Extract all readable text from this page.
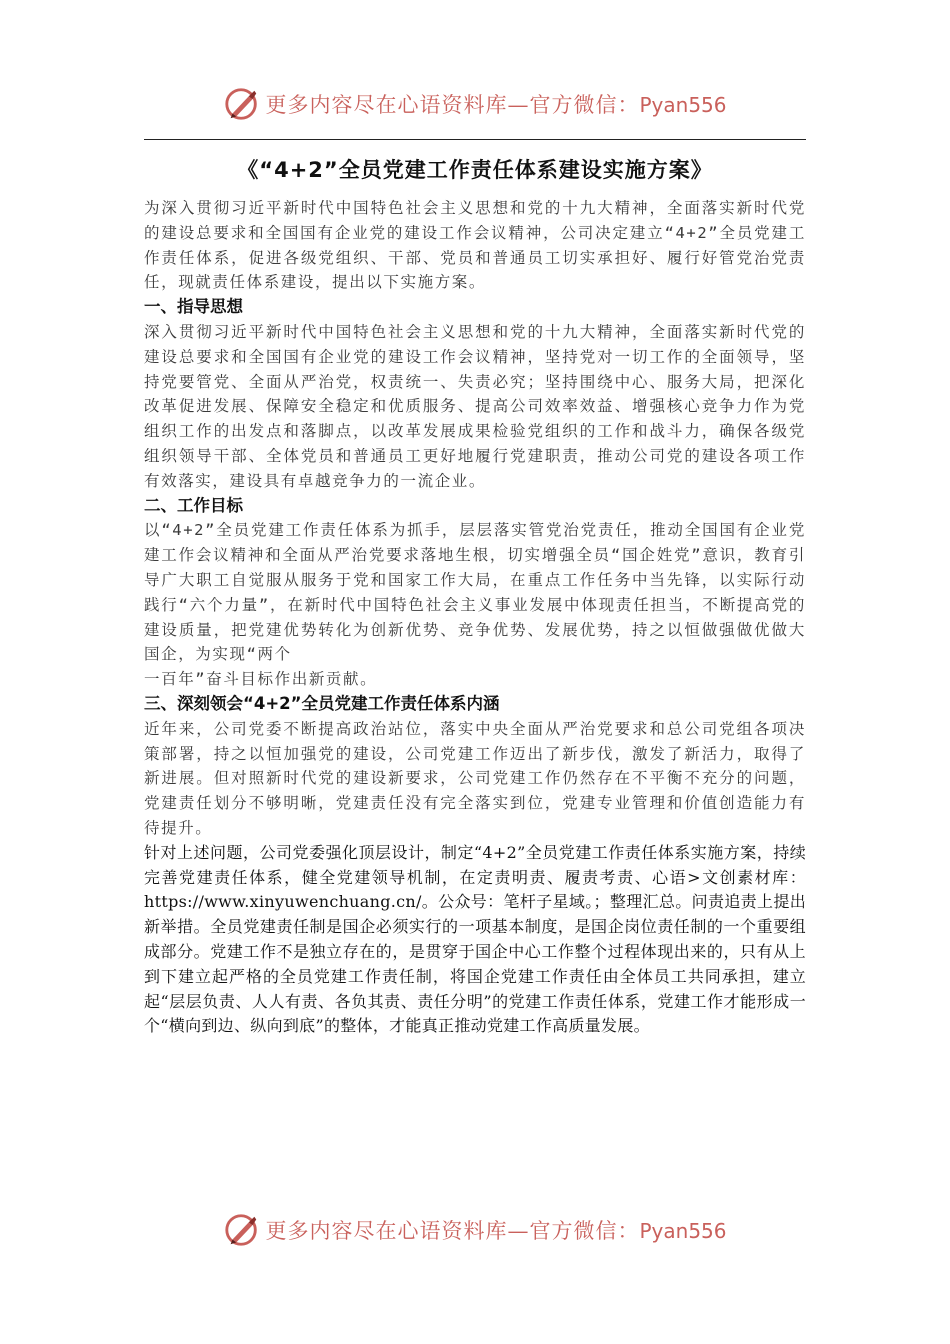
更多内容尽在心语资料库—官方微信：Pyan556
《“4+2”全员党建工作责任体系建设实施方案》

为深入贯彻习近平新时代中国特色社会主义思想和党的十九大精神，全面落实新时代党的建设总要求和全国国有企业党的建设工作会议精神，公司决定建立“4+2”全员党建工作责任体系，促进各级党组织、干部、党员和普通员工切实承担好、履行好管党治党责任，现就责任体系建设，提出以下实施方案。

一、指导思想

深入贯彻习近平新时代中国特色社会主义思想和党的十九大精神，全面落实新时代党的建设总要求和全国国有企业党的建设工作会议精神，坚持党对一切工作的全面领导，坚持党要管党、全面从严治党，权责统一、失责必究；坚持围绕中心、服务大局，把深化改革促进发展、保障安全稳定和优质服务、提高公司效率效益、增强核心竞争力作为党组织工作的出发点和落脚点，以改革发展成果检验党组织的工作和战斗力，确保各级党组织领导干部、全体党员和普通员工更好地履行党建职责，推动公司党的建设各项工作有效落实，建设具有卓越竞争力的一流企业。

二、工作目标

以“4+2”全员党建工作责任体系为抓手，层层落实管党治党责任，推动全国国有企业党建工作会议精神和全面从严治党要求落地生根，切实增强全员“国企姓党”意识，教育引导广大职工自觉服从服务于党和国家工作大局，在重点工作任务中当先锋，以实际行动践行“六个力量”，在新时代中国特色社会主义事业发展中体现责任担当，不断提高党的建设质量，把党建优势转化为创新优势、竞争优势、发展优势，持之以恒做强做优做大国企，为实现“两个
一百年”奋斗目标作出新贡献。

三、深刻领会“4+2”全员党建工作责任体系内涵

近年来，公司党委不断提高政治站位，落实中央全面从严治党要求和总公司党组各项决策部署，持之以恒加强党的建设，公司党建工作迈出了新步伐，激发了新活力，取得了新进展。但对照新时代党的建设新要求，公司党建工作仍然存在不平衡不充分的问题，党建责任划分不够明晰，党建责任没有完全落实到位，党建专业管理和价值创造能力有待提升。

针对上述问题，公司党委强化顶层设计，制定“4+2”全员党建工作责任体系实施方案，持续完善党建责任体系，健全党建领导机制，在定责明责、履责考责、心语>文创素材库：https://www.xinyuwenchuang.cn/。公众号：笔杆子星域。；整理汇总。问责追责上提出新举措。全员党建责任制是国企必须实行的一项基本制度，是国企岗位责任制的一个重要组成部分。党建工作不是独立存在的，是贯穿于国企中心工作整个过程体现出来的，只有从上到下建立起严格的全员党建工作责任制，将国企党建工作责任由全体员工共同承担，建立起“层层负责、人人有责、各负其责、责任分明”的党建工作责任体系，党建工作才能形成一个“横向到边、纵向到底”的整体，才能真正推动党建工作高质量发展。

更多内容尽在心语资料库—官方微信：Pyan556
